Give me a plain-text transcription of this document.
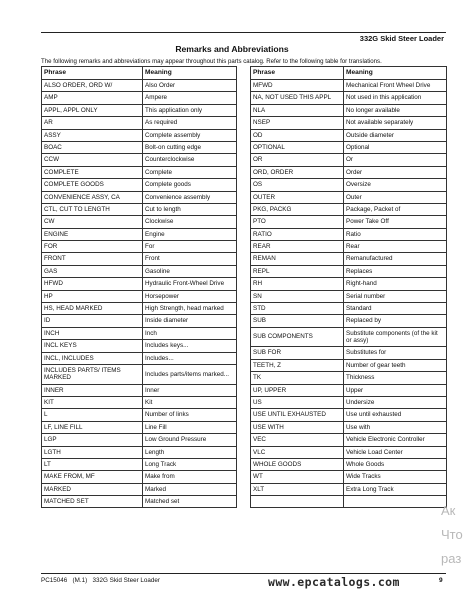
332G Skid Steer Loader
Remarks and Abbreviations
The following remarks and abbreviations may appear throughout this parts catalog. Refer to the following table for translations.
Phrase	Meaning
ALSO ORDER, ORD W/	Also Order
AMP	Ampere
APPL, APPL ONLY	This application only
AR	As required
ASSY	Complete assembly
BOAC	Bolt-on cutting edge
CCW	Counterclockwise
COMPLETE	Complete
COMPLETE GOODS	Complete goods
CONVENIENCE ASSY, CA	Convenience assembly
CTL, CUT TO LENGTH	Cut to length
CW	Clockwise
ENGINE	Engine
FOR	For
FRONT	Front
GAS	Gasoline
HFWD	Hydraulic Front-Wheel Drive
HP	Horsepower
HS, HEAD MARKED	High Strength, head marked
ID	Inside diameter
INCH	Inch
INCL KEYS	Includes keys...
INCL, INCLUDES	Includes...
INCLUDES PARTS/ ITEMS MARKED	Includes parts/items marked...
INNER	Inner
KIT	Kit
L	Number of links
LF, LINE FILL	Line Fill
LGP	Low Ground Pressure
LGTH	Length
LT	Long Track
MAKE FROM, MF	Make from
MARKED	Marked
MATCHED SET	Matched set
Phrase	Meaning
MFWD	Mechanical Front Wheel Drive
NA, NOT USED THIS APPL	Not used in this application
NLA	No longer available
NSEP	Not available separately
OD	Outside diameter
OPTIONAL	Optional
OR	Or
ORD, ORDER	Order
OS	Oversize
OUTER	Outer
PKG, PACKG	Package, Packet of
PTO	Power Take Off
RATIO	Ratio
REAR	Rear
REMAN	Remanufactured
REPL	Replaces
RH	Right-hand
SN	Serial number
STD	Standard
SUB	Replaced by
SUB COMPONENTS	Substitute components (of the kit or assy)
SUB FOR	Substitutes for
TEETH, Z	Number of gear teeth
TK	Thickness
UP, UPPER	Upper
US	Undersize
USE UNTIL EXHAUSTED	Use until exhausted
USE WITH	Use with
VEC	Vehicle Electronic Controller
VLC	Vehicle Load Center
WHOLE GOODS	Whole Goods
WT	Wide Tracks
XLT	Extra Long Track

Ак
Что
раз
PC15046 (M.1) 332G Skid Steer Loader	www.epcatalogs.com	9
